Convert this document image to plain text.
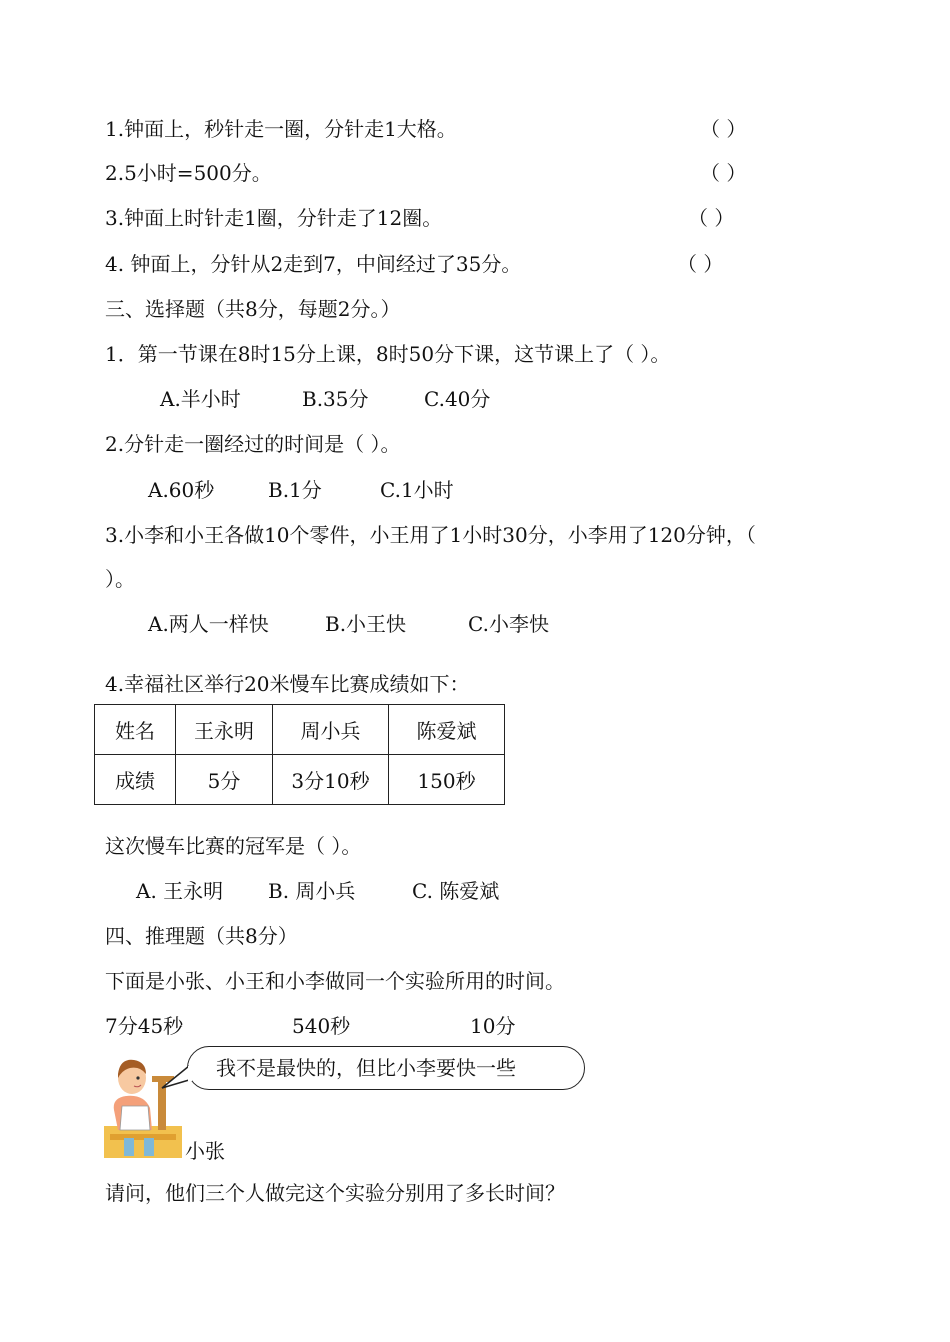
1.钟面上，秒针走一圈，分针走1大格。	（ ）
2.5小时=500分。	（ ）
3.钟面上时针走1圈，分针走了12圈。	（ ）
4. 钟面上，分针从2走到7，中间经过了35分。	（ ）
三、选择题（共8分，每题2分。）
1．第一节课在8时15分上课，8时50分下课，这节课上了（ ）。
A.半小时	B.35分	C.40分
2.分针走一圈经过的时间是（ ）。
A.60秒	B.1分	C.1小时
3.小李和小王各做10个零件，小王用了1小时30分，小李用了120分钟，（
）。
A.两人一样快	B.小王快	C.小李快
4.幸福社区举行20米慢车比赛成绩如下：
姓名	王永明	周小兵	陈爱斌
成绩	5分	3分10秒	150秒
这次慢车比赛的冠军是（ ）。
A. 王永明 B. 周小兵	C. 陈爱斌
四、推理题（共8分）
下面是小张、小王和小李做同一个实验所用的时间。
7分45秒	540秒	10分
我不是最快的，但比小李要快一些
小张
请问，他们三个人做完这个实验分别用了多长时间？
